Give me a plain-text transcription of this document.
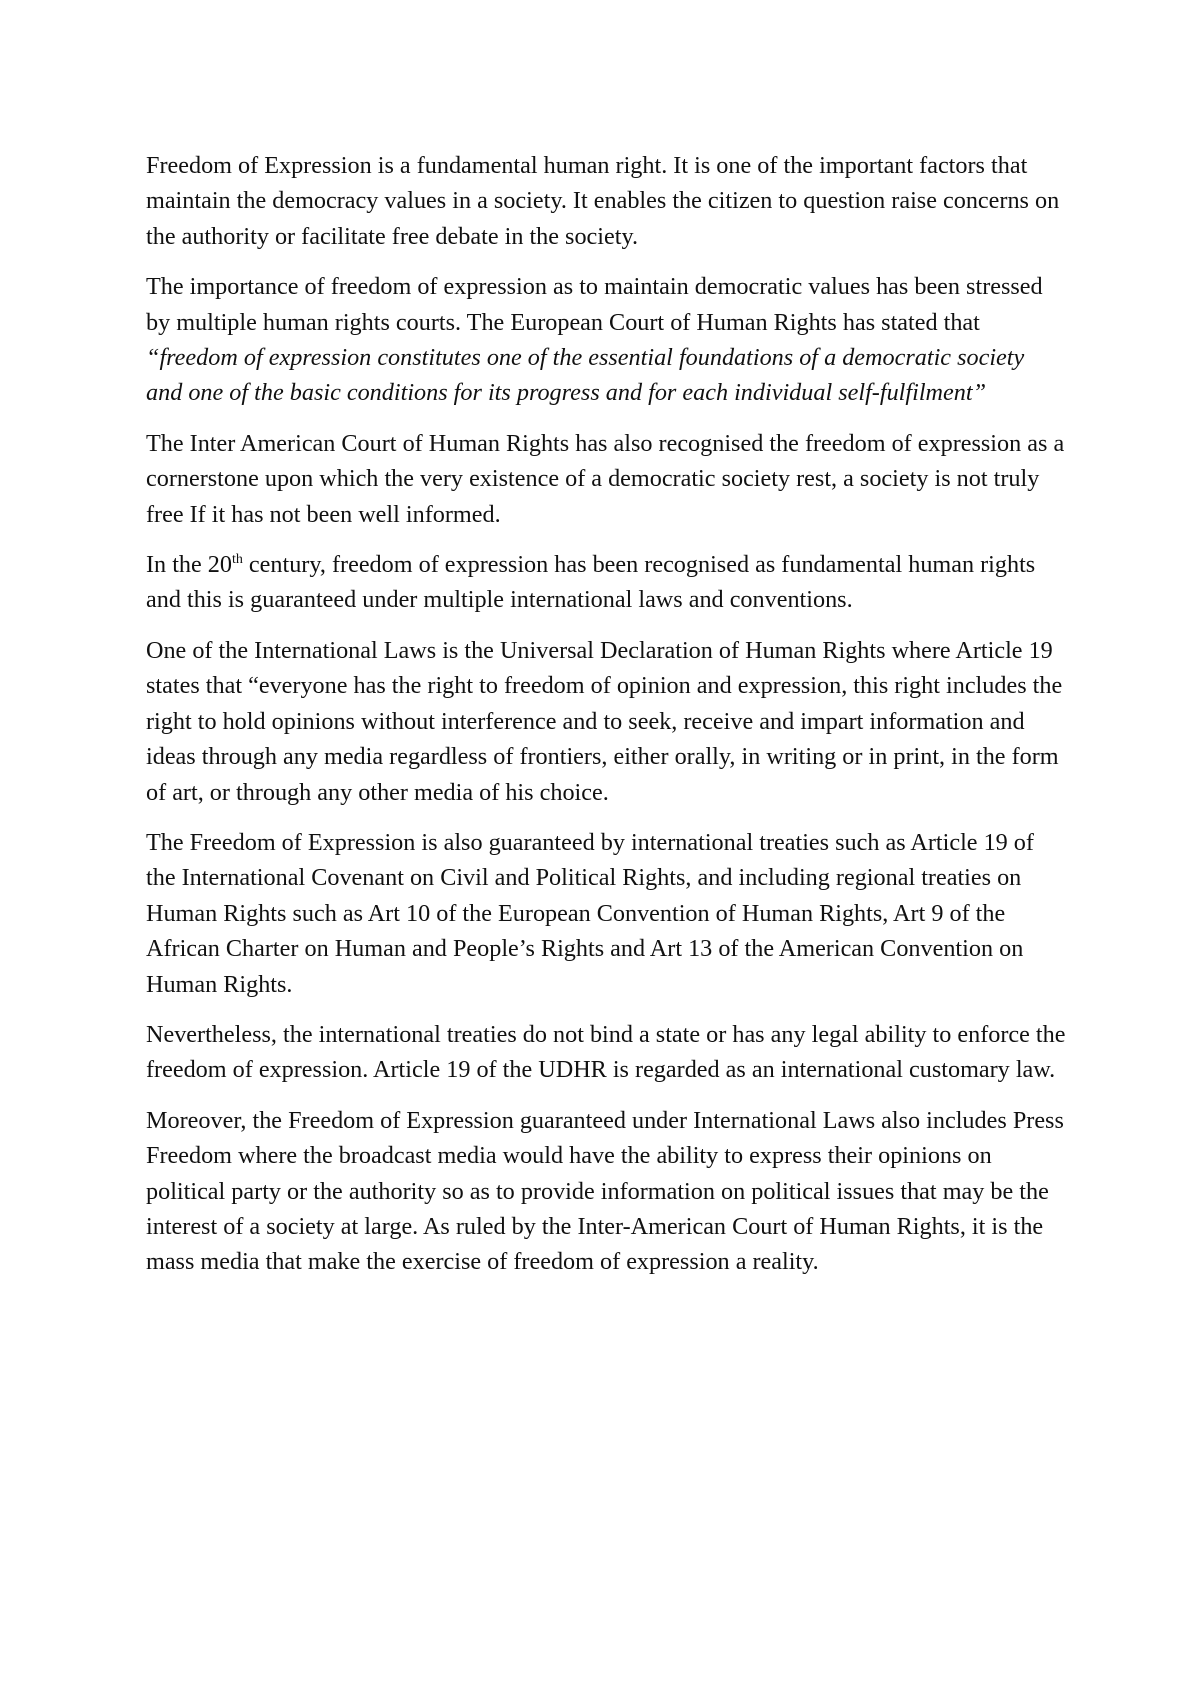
Freedom of Expression is a fundamental human right. It is one of the important factors that maintain the democracy values in a society. It enables the citizen to question raise concerns on the authority or facilitate free debate in the society.

The importance of freedom of expression as to maintain democratic values has been stressed by multiple human rights courts. The European Court of Human Rights has stated that “freedom of expression constitutes one of the essential foundations of a democratic society and one of the basic conditions for its progress and for each individual self-fulfilment”

The Inter American Court of Human Rights has also recognised the freedom of expression as a cornerstone upon which the very existence of a democratic society rest, a society is not truly free If it has not been well informed.

In the 20th century, freedom of expression has been recognised as fundamental human rights and this is guaranteed under multiple international laws and conventions.

One of the International Laws is the Universal Declaration of Human Rights where Article 19 states that “everyone has the right to freedom of opinion and expression, this right includes the right to hold opinions without interference and to seek, receive and impart information and ideas through any media regardless of frontiers, either orally, in writing or in print, in the form of art, or through any other media of his choice.

The Freedom of Expression is also guaranteed by international treaties such as Article 19 of the International Covenant on Civil and Political Rights, and including regional treaties on Human Rights such as Art 10 of the European Convention of Human Rights, Art 9 of the African Charter on Human and People’s Rights and Art 13 of the American Convention on Human Rights.

Nevertheless, the international treaties do not bind a state or has any legal ability to enforce the freedom of expression. Article 19 of the UDHR is regarded as an international customary law.

Moreover, the Freedom of Expression guaranteed under International Laws also includes Press Freedom where the broadcast media would have the ability to express their opinions on political party or the authority so as to provide information on political issues that may be the interest of a society at large. As ruled by the Inter-American Court of Human Rights, it is the mass media that make the exercise of freedom of expression a reality.
